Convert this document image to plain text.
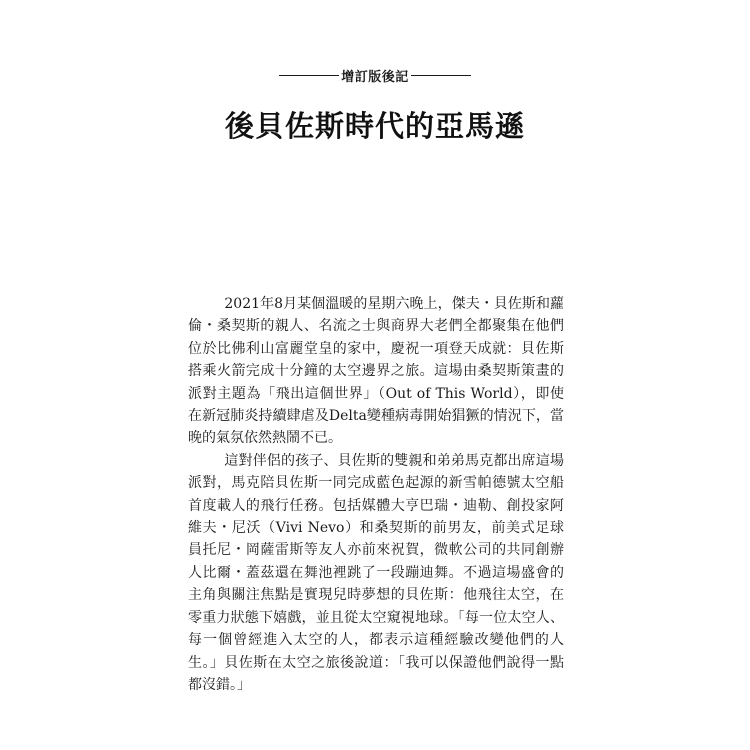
增訂版後記
後貝佐斯時代的亞馬遜

2021年8月某個溫暖的星期六晚上，傑夫・貝佐斯和蘿倫・桑契斯的親人、名流之士與商界大老們全都聚集在他們位於比佛利山富麗堂皇的家中，慶祝一項登天成就：貝佐斯搭乘火箭完成十分鐘的太空邊界之旅。這場由桑契斯策畫的派對主題為「飛出這個世界」（Out of This World），即使在新冠肺炎持續肆虐及Delta變種病毒開始猖獗的情況下，當晚的氣氛依然熱鬧不已。

這對伴侶的孩子、貝佐斯的雙親和弟弟馬克都出席這場派對，馬克陪貝佐斯一同完成藍色起源的新雪帕德號太空船首度載人的飛行任務。包括媒體大亨巴瑞・迪勒、創投家阿維夫・尼沃（Vivi Nevo）和桑契斯的前男友，前美式足球員托尼・岡薩雷斯等友人亦前來祝賀，微軟公司的共同創辦人比爾・蓋茲還在舞池裡跳了一段蹦迪舞。不過這場盛會的主角與關注焦點是實現兒時夢想的貝佐斯：他飛往太空，在零重力狀態下嬉戲，並且從太空窺視地球。「每一位太空人、每一個曾經進入太空的人，都表示這種經驗改變他們的人生。」貝佐斯在太空之旅後說道：「我可以保證他們說得一點都沒錯。」
